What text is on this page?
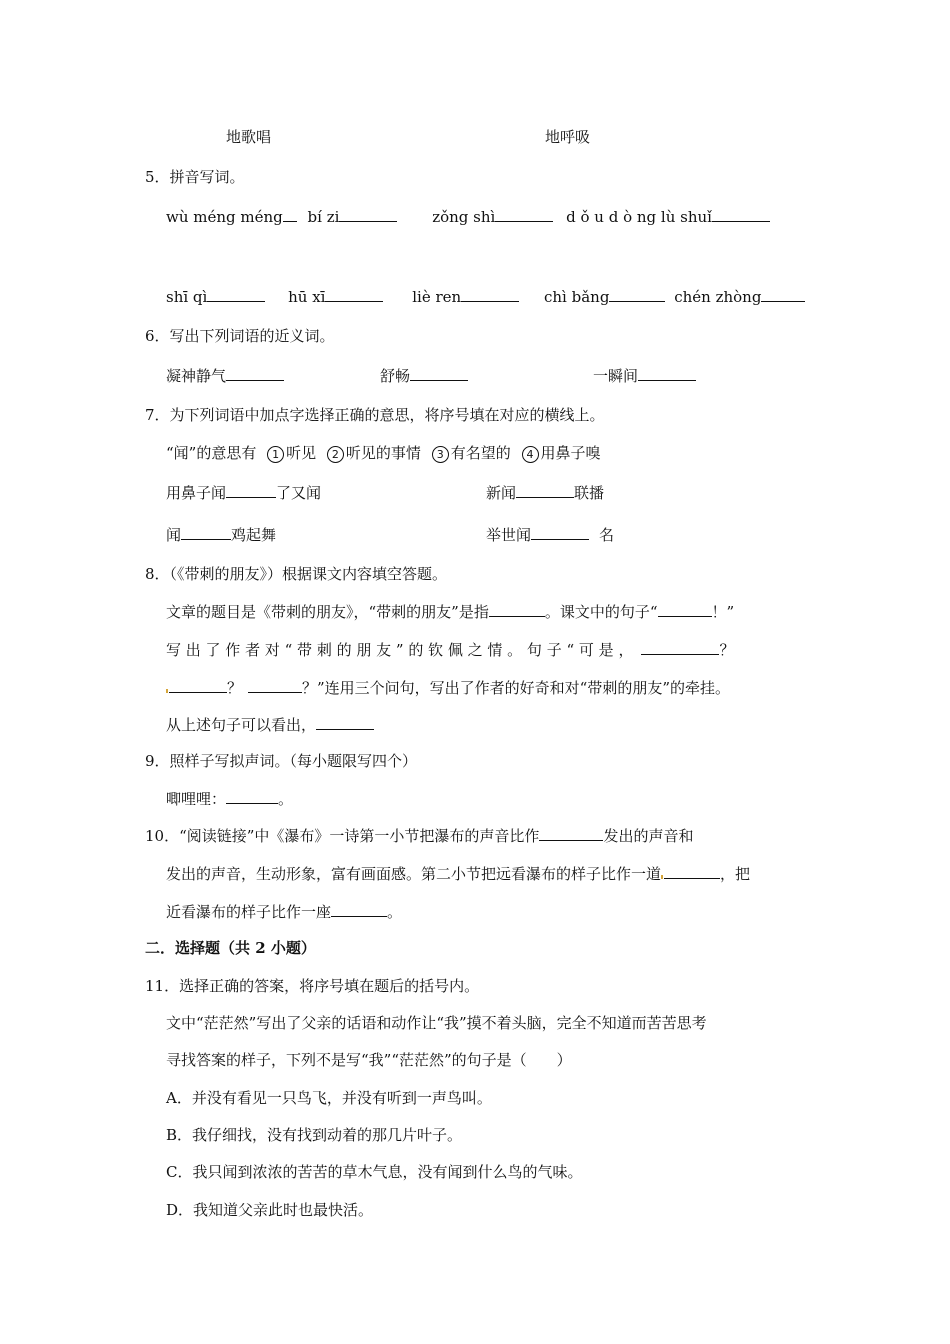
地歌唱	地呼吸
5．拼音写词。
wù méng méng bí zi	zǒng shì	d ǒ u d ò ng lù shuǐ
shī qì	hū xī	liè ren	chì bǎng	chén zhòng
6．写出下列词语的近义词。
凝神静气	舒畅	一瞬间
7．为下列词语中加点字选择正确的意思，将序号填在对应的横线上。
“闻”的意思有 1 听见 2 听见的事情 3 有名望的 4 用鼻子嗅
用鼻子闻	了又闻	新闻	联播
闻	鸡起舞	举世闻	名
8．（《带刺的朋友》）根据课文内容填空答题。
文章的题目是《带刺的朋友》，“带刺的朋友”是指	。课文中的句子“	！”
写 出 了 作 者 对 “ 带 刺 的 朋 友 ” 的 钦 佩 之 情 。 句 子 “ 可 是 ，	？
？	？”连用三个问句，写出了作者的好奇和对“带刺的朋友”的牵挂。
从上述句子可以看出，
9．照样子写拟声词。（每小题限写四个）
唧哩哩：	。
10．“阅读链接”中《瀑布》一诗第一小节把瀑布的声音比作	发出的声音和
发出的声音，生动形象，富有画面感。第二小节把远看瀑布的样子比作一道	，把
近看瀑布的样子比作一座	。
二．选择题（共 2 小题）
11．选择正确的答案，将序号填在题后的括号内。
文中“茫茫然”写出了父亲的话语和动作让“我”摸不着头脑，完全不知道而苦苦思考
寻找答案的样子，下列不是写“我”“茫茫然”的句子是（　　）
A．并没有看见一只鸟飞，并没有听到一声鸟叫。
B．我仔细找，没有找到动着的那几片叶子。
C．我只闻到浓浓的苦苦的草木气息，没有闻到什么鸟的气味。
D．我知道父亲此时也最快活。
